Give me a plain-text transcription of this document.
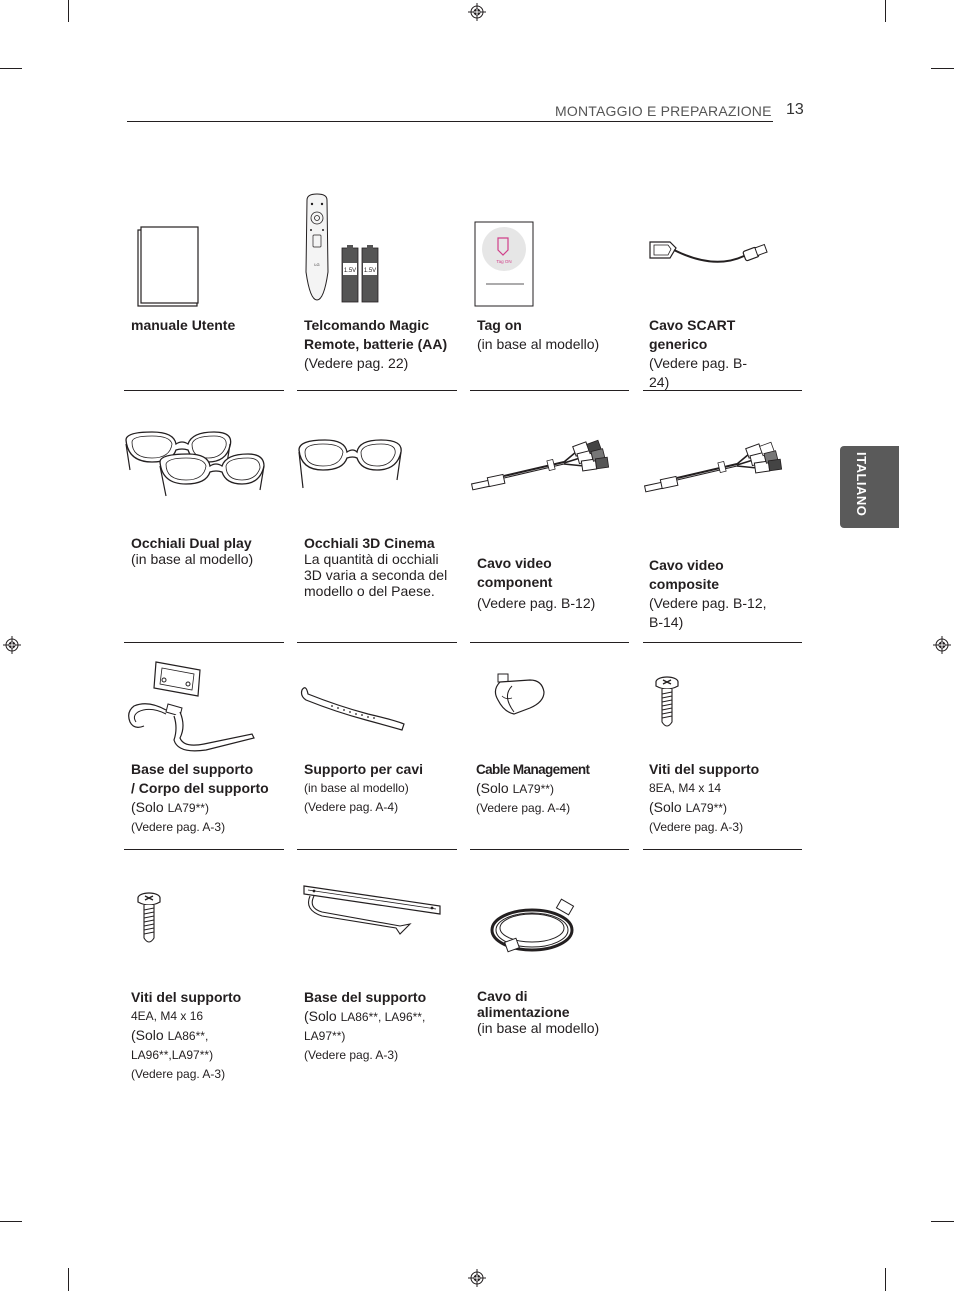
MONTAGGIO E PREPARAZIONE 13
ITALIANO
LG
1.5V 1.5V
Tag ON
manuale Utente	Telcomando Magic Remote, batterie (AA)
(Vedere pag. 22)
Tag on
(in base al modello)
Cavo SCART generico
(Vedere pag. B-24)
Occhiali Dual play
(in base al modello)
Occhiali 3D Cinema
La quantità di occhiali 3D varia a seconda del modello o del Paese.
Cavo video component
(Vedere pag. B-12)
Cavo video composite
(Vedere pag. B-12, B-14)
Base del supporto
/ Corpo del supporto
(Solo LA79**)
(Vedere pag. A-3)
Supporto per cavi
(in base al modello)
(Vedere pag. A-4)
Cable Management
(Solo LA79**)
(Vedere pag. A-4)
Viti del supporto
8EA, M4 x 14
(Solo LA79**)
(Vedere pag. A-3)
Viti del supporto
4EA, M4 x 16
(Solo LA86**,
LA96**,LA97**)
(Vedere pag. A-3)
Base del supporto
(Solo LA86**, LA96**,
LA97**)
(Vedere pag. A-3)
Cavo di
alimentazione
(in base al modello)
